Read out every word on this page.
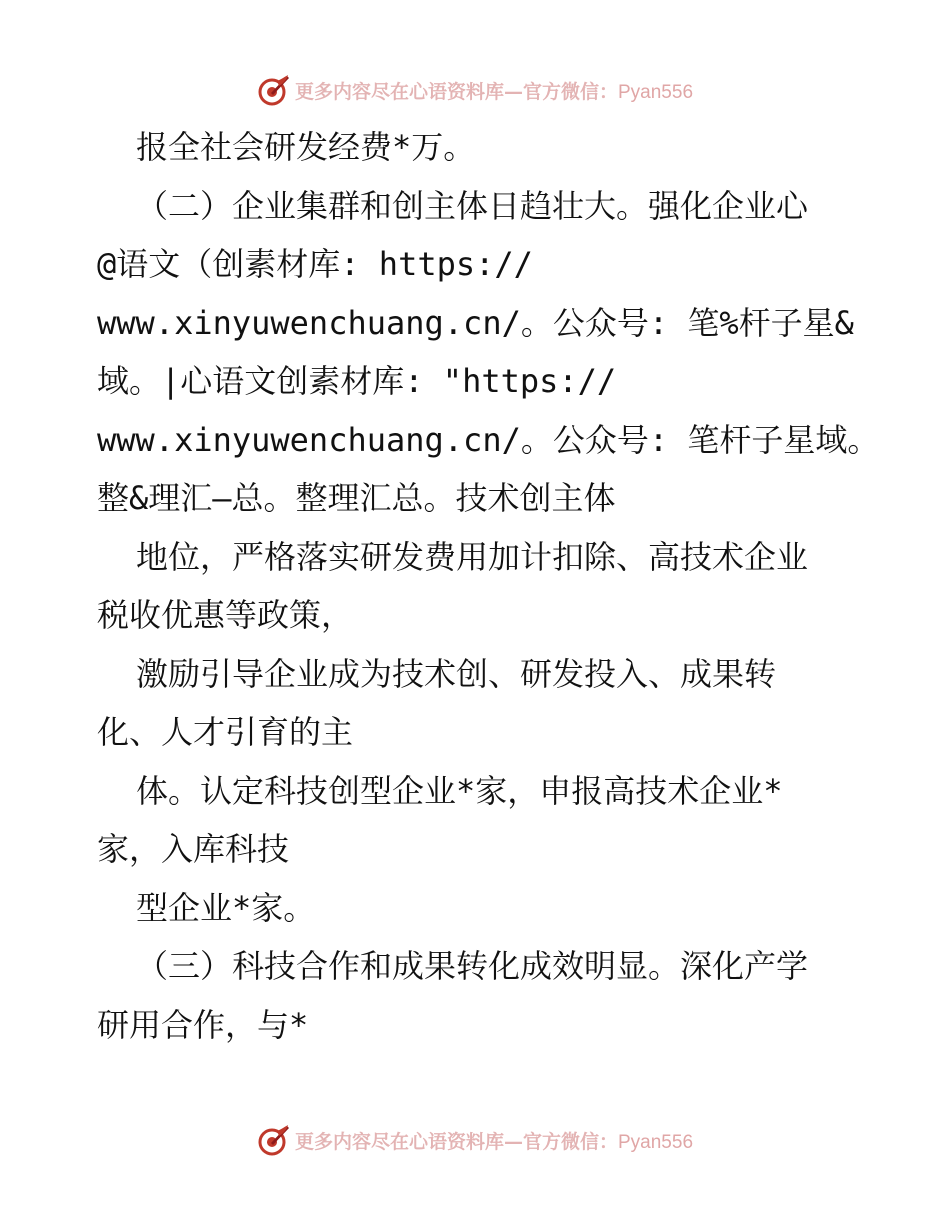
更多内容尽在心语资料库—官方微信：Pyan556
报全社会研发经费*万。
（二）企业集群和创主体日趋壮大。强化企业心
@语文（创素材库: https://
www.xinyuwenchuang.cn/。公众号: 笔%杆子星&
域。|心语文创素材库: "https://
www.xinyuwenchuang.cn/。公众号: 笔杆子星域。
整&理汇—总。整理汇总。技术创主体
地位，严格落实研发费用加计扣除、高技术企业
税收优惠等政策，
激励引导企业成为技术创、研发投入、成果转
化、人才引育的主
体。认定科技创型企业*家，申报高技术企业*
家，入库科技
型企业*家。
（三）科技合作和成果转化成效明显。深化产学
研用合作，与*
更多内容尽在心语资料库—官方微信：Pyan556
